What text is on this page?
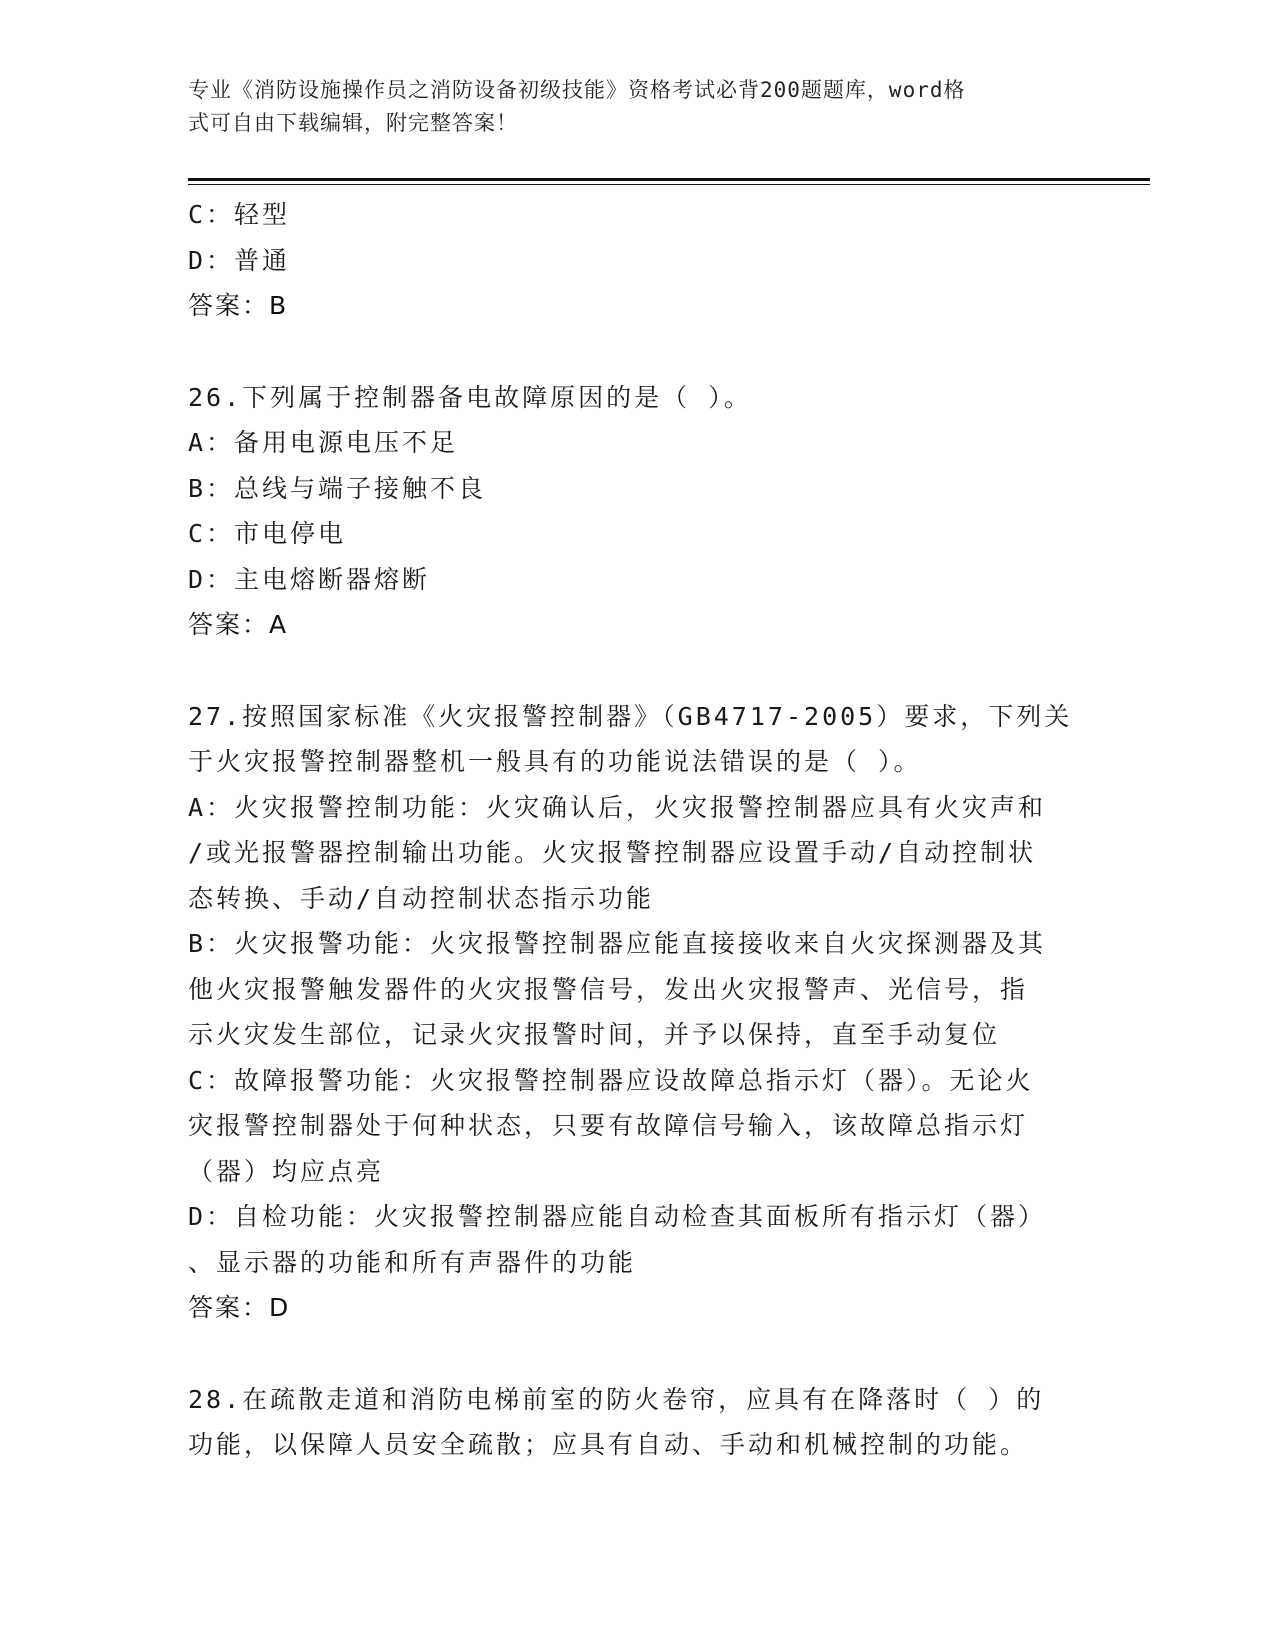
专业《消防设施操作员之消防设备初级技能》资格考试必背200题题库，word格
式可自由下载编辑，附完整答案！
C：轻型
D：普通
答案：B
26.下列属于控制器备电故障原因的是（ ）。
A：备用电源电压不足
B：总线与端子接触不良
C：市电停电
D：主电熔断器熔断
答案：A
27.按照国家标准《火灾报警控制器》（GB4717-2005）要求，下列关
于火灾报警控制器整机一般具有的功能说法错误的是（ ）。
A：火灾报警控制功能：火灾确认后，火灾报警控制器应具有火灾声和
/或光报警器控制输出功能。火灾报警控制器应设置手动/自动控制状
态转换、手动/自动控制状态指示功能
B：火灾报警功能：火灾报警控制器应能直接接收来自火灾探测器及其
他火灾报警触发器件的火灾报警信号，发出火灾报警声、光信号，指
示火灾发生部位，记录火灾报警时间，并予以保持，直至手动复位
C：故障报警功能：火灾报警控制器应设故障总指示灯（器）。无论火
灾报警控制器处于何种状态，只要有故障信号输入，该故障总指示灯
（器）均应点亮
D：自检功能：火灾报警控制器应能自动检查其面板所有指示灯（器）
、显示器的功能和所有声器件的功能
答案：D
28.在疏散走道和消防电梯前室的防火卷帘，应具有在降落时（ ）的
功能，以保障人员安全疏散；应具有自动、手动和机械控制的功能。
